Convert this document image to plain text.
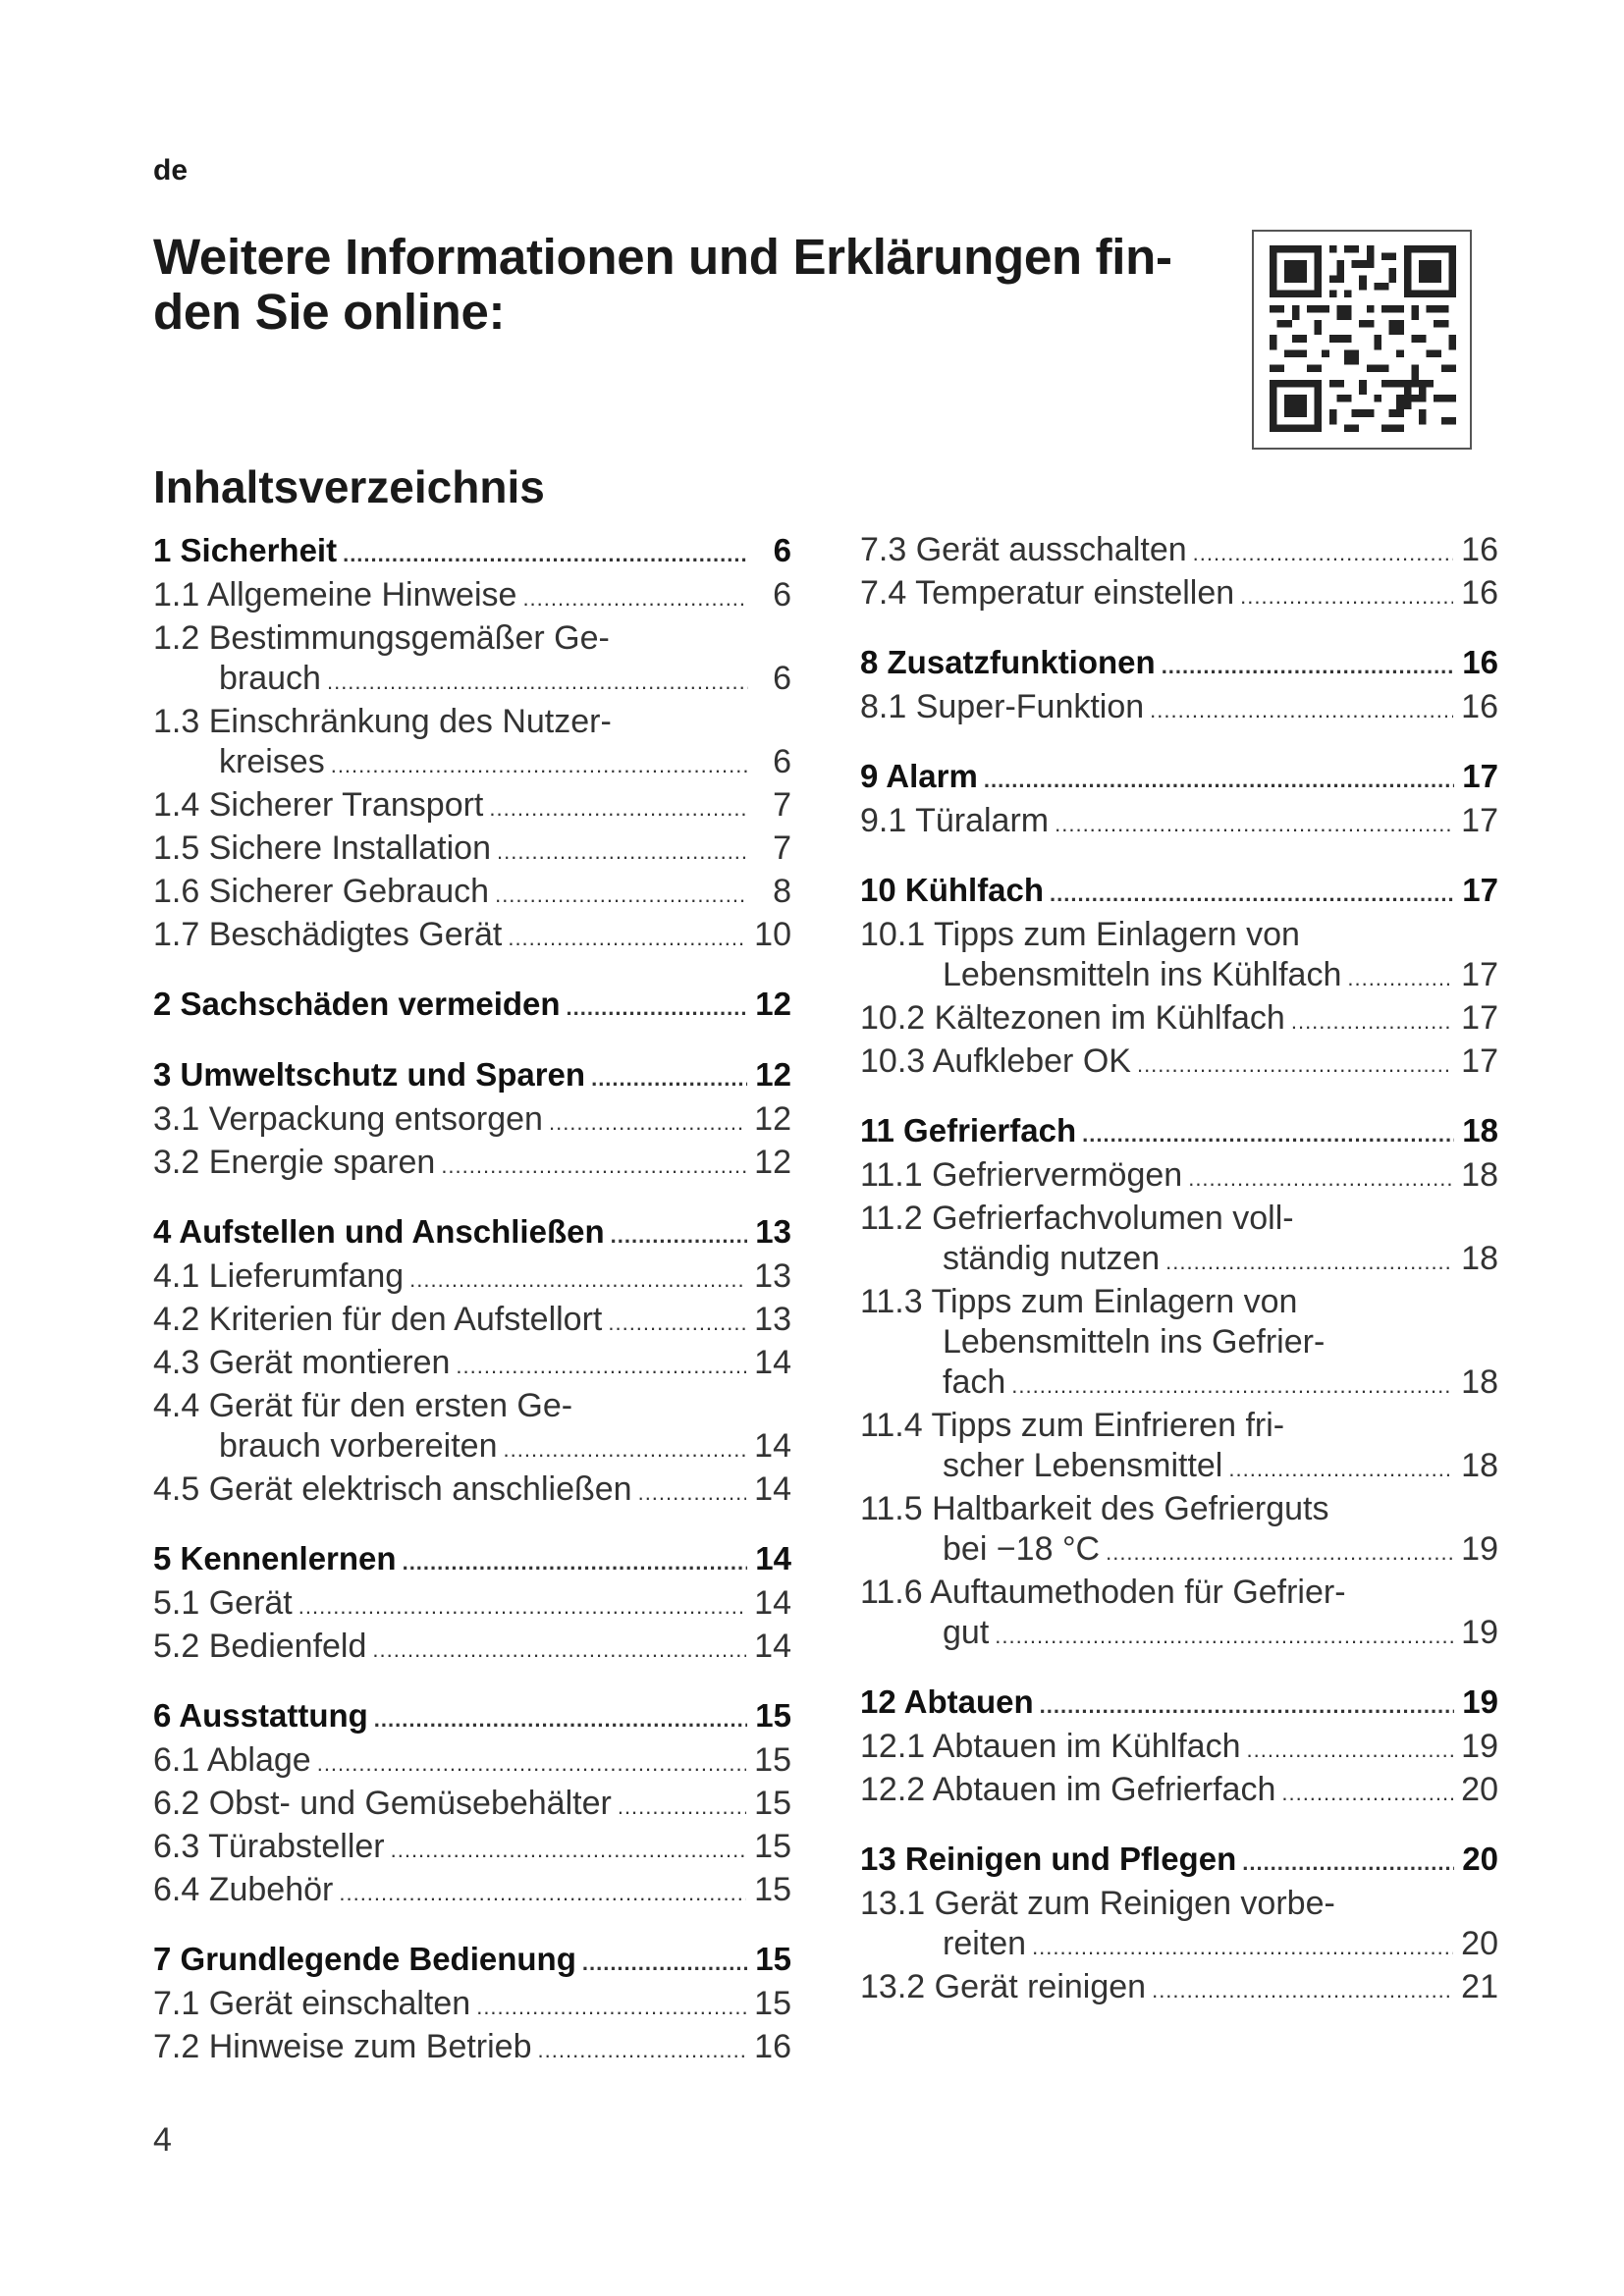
de
Weitere Informationen und Erklärungen fin-
den Sie online:
Inhaltsverzeichnis
1 Sicherheit .....	6
1.1 Allgemeine Hinweise .....	6
1.2 Bestimmungsgemäßer Ge-
brauch .....	6
1.3 Einschränkung des Nutzer-
kreises .....	6
1.4 Sicherer Transport .....	7
1.5 Sichere Installation .....	7
1.6 Sicherer Gebrauch .....	8
1.7 Beschädigtes Gerät .....	10
2 Sachschäden vermeiden .....	12
3 Umweltschutz und Sparen .....	12
3.1 Verpackung entsorgen .....	12
3.2 Energie sparen .....	12
4 Aufstellen und Anschließen .....	13
4.1 Lieferumfang .....	13
4.2 Kriterien für den Aufstellort .....	13
4.3 Gerät montieren .....	14
4.4 Gerät für den ersten Ge-
brauch vorbereiten .....	14
4.5 Gerät elektrisch anschließen .....	14
5 Kennenlernen .....	14
5.1 Gerät .....	14
5.2 Bedienfeld .....	14
6 Ausstattung .....	15
6.1 Ablage .....	15
6.2 Obst- und Gemüsebehälter .....	15
6.3 Türabsteller .....	15
6.4 Zubehör .....	15
7 Grundlegende Bedienung .....	15
7.1 Gerät einschalten .....	15
7.2 Hinweise zum Betrieb .....	16
7.3 Gerät ausschalten .....	16
7.4 Temperatur einstellen .....	16
8 Zusatzfunktionen .....	16
8.1 Super-Funktion .....	16
9 Alarm .....	17
9.1 Türalarm .....	17
10 Kühlfach .....	17
10.1 Tipps zum Einlagern von
Lebensmitteln ins Kühlfach .....	17
10.2 Kältezonen im Kühlfach .....	17
10.3 Aufkleber OK .....	17
11 Gefrierfach .....	18
11.1 Gefriervermögen .....	18
11.2 Gefrierfachvolumen voll-
ständig nutzen .....	18
11.3 Tipps zum Einlagern von
Lebensmitteln ins Gefrier-
fach .....	18
11.4 Tipps zum Einfrieren fri-
scher Lebensmittel .....	18
11.5 Haltbarkeit des Gefrierguts
bei −18 °C .....	19
11.6 Auftaumethoden für Gefrier-
gut .....	19
12 Abtauen .....	19
12.1 Abtauen im Kühlfach .....	19
12.2 Abtauen im Gefrierfach .....	20
13 Reinigen und Pflegen .....	20
13.1 Gerät zum Reinigen vorbe-
reiten .....	20
13.2 Gerät reinigen .....	21
4
